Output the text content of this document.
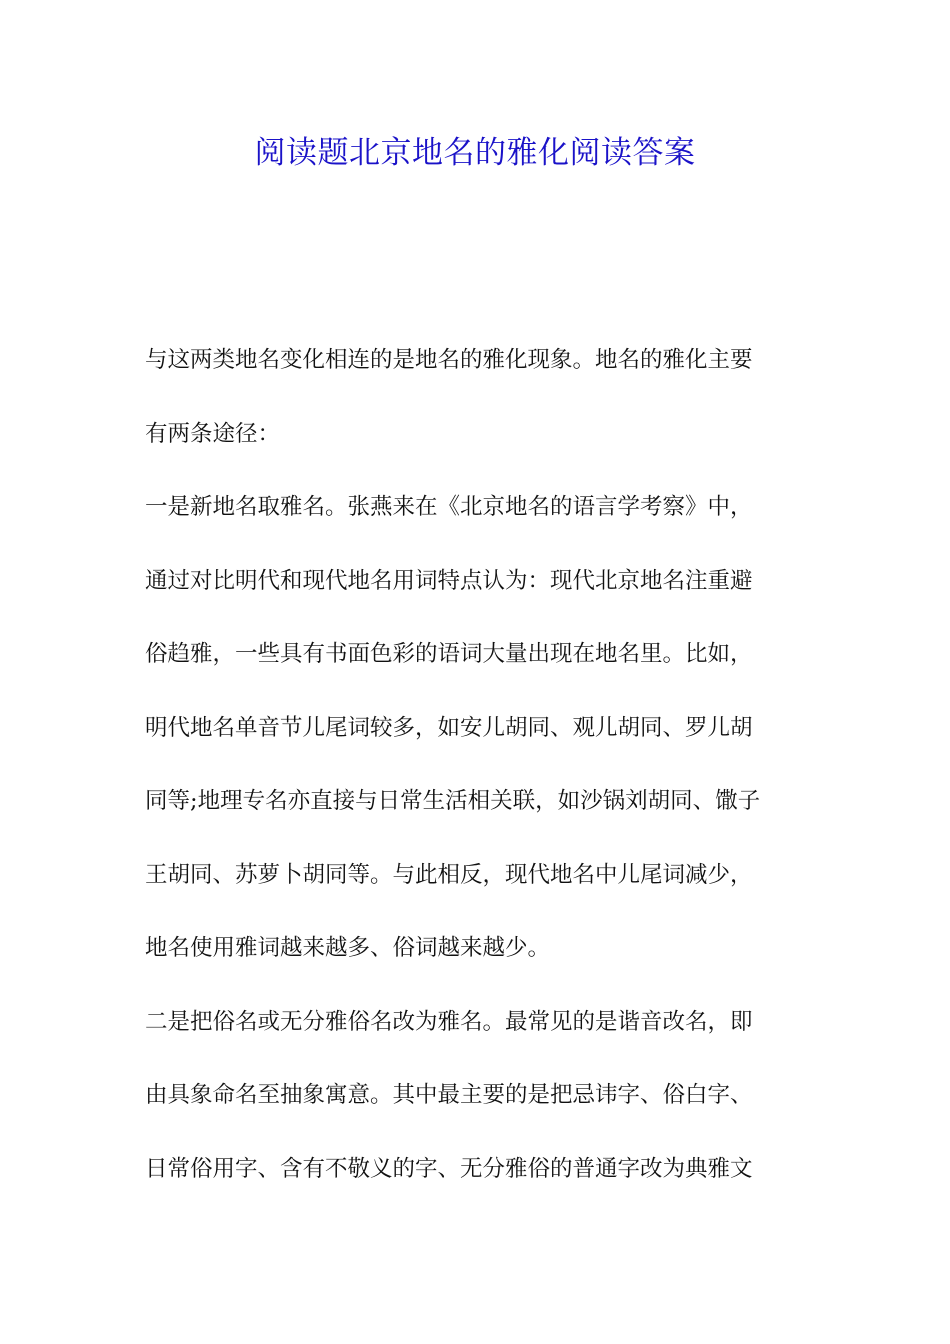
阅读题北京地名的雅化阅读答案
与这两类地名变化相连的是地名的雅化现象。地名的雅化主要
有两条途径：
一是新地名取雅名。张燕来在《北京地名的语言学考察》中，
通过对比明代和现代地名用词特点认为：现代北京地名注重避
俗趋雅，一些具有书面色彩的语词大量出现在地名里。比如，
明代地名单音节儿尾词较多，如安儿胡同、观儿胡同、罗儿胡
同等;地理专名亦直接与日常生活相关联，如沙锅刘胡同、馓子
王胡同、苏萝卜胡同等。与此相反，现代地名中儿尾词减少，
地名使用雅词越来越多、俗词越来越少。
二是把俗名或无分雅俗名改为雅名。最常见的是谐音改名，即
由具象命名至抽象寓意。其中最主要的是把忌讳字、俗白字、
日常俗用字、含有不敬义的字、无分雅俗的普通字改为典雅文
